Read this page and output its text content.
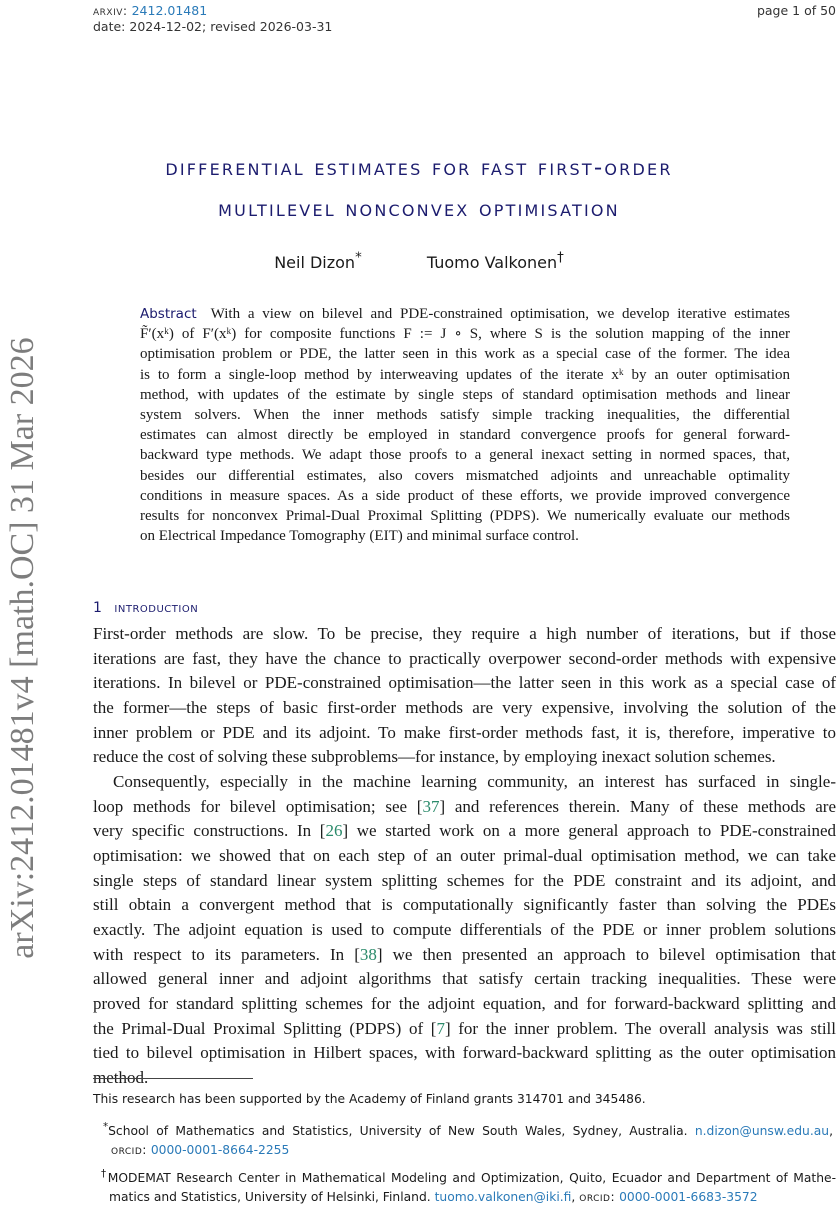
arxiv: 2412.01481
date: 2024-12-02; revised 2026-03-31
page 1 of 50
arXiv:2412.01481v4 [math.OC] 31 Mar 2026
differential estimates for fast first-order
multilevel nonconvex optimisation
Neil Dizon*	Tuomo Valkonen†
Abstract With a view on bilevel and PDE-constrained optimisation, we develop iterative estimates
F̃′(xᵏ) of F′(xᵏ) for composite functions F := J ∘ S, where S is the solution mapping of the inner
optimisation problem or PDE, the latter seen in this work as a special case of the former. The idea
is to form a single-loop method by interweaving updates of the iterate xᵏ by an outer optimisation
method, with updates of the estimate by single steps of standard optimisation methods and linear
system solvers. When the inner methods satisfy simple tracking inequalities, the differential
estimates can almost directly be employed in standard convergence proofs for general forward-
backward type methods. We adapt those proofs to a general inexact setting in normed spaces, that,
besides our differential estimates, also covers mismatched adjoints and unreachable optimality
conditions in measure spaces. As a side product of these efforts, we provide improved convergence
results for nonconvex Primal-Dual Proximal Splitting (PDPS). We numerically evaluate our methods
on Electrical Impedance Tomography (EIT) and minimal surface control.
1 introduction
First-order methods are slow. To be precise, they require a high number of iterations, but if those
iterations are fast, they have the chance to practically overpower second-order methods with expensive
iterations. In bilevel or PDE-constrained optimisation—the latter seen in this work as a special case of
the former—the steps of basic first-order methods are very expensive, involving the solution of the
inner problem or PDE and its adjoint. To make first-order methods fast, it is, therefore, imperative to
reduce the cost of solving these subproblems—for instance, by employing inexact solution schemes.
Consequently, especially in the machine learning community, an interest has surfaced in single-
loop methods for bilevel optimisation; see [37] and references therein. Many of these methods are
very specific constructions. In [26] we started work on a more general approach to PDE-constrained
optimisation: we showed that on each step of an outer primal-dual optimisation method, we can take
single steps of standard linear system splitting schemes for the PDE constraint and its adjoint, and
still obtain a convergent method that is computationally significantly faster than solving the PDEs
exactly. The adjoint equation is used to compute differentials of the PDE or inner problem solutions
with respect to its parameters. In [38] we then presented an approach to bilevel optimisation that
allowed general inner and adjoint algorithms that satisfy certain tracking inequalities. These were
proved for standard splitting schemes for the adjoint equation, and for forward-backward splitting and
the Primal-Dual Proximal Splitting (PDPS) of [7] for the inner problem. The overall analysis was still
tied to bilevel optimisation in Hilbert spaces, with forward-backward splitting as the outer optimisation
method.
This research has been supported by the Academy of Finland grants 314701 and 345486.
*School of Mathematics and Statistics, University of New South Wales, Sydney, Australia. n.dizon@unsw.edu.au,
orcid: 0000-0001-8664-2255
†MODEMAT Research Center in Mathematical Modeling and Optimization, Quito, Ecuador and Department of Mathe-
matics and Statistics, University of Helsinki, Finland. tuomo.valkonen@iki.fi, orcid: 0000-0001-6683-3572
